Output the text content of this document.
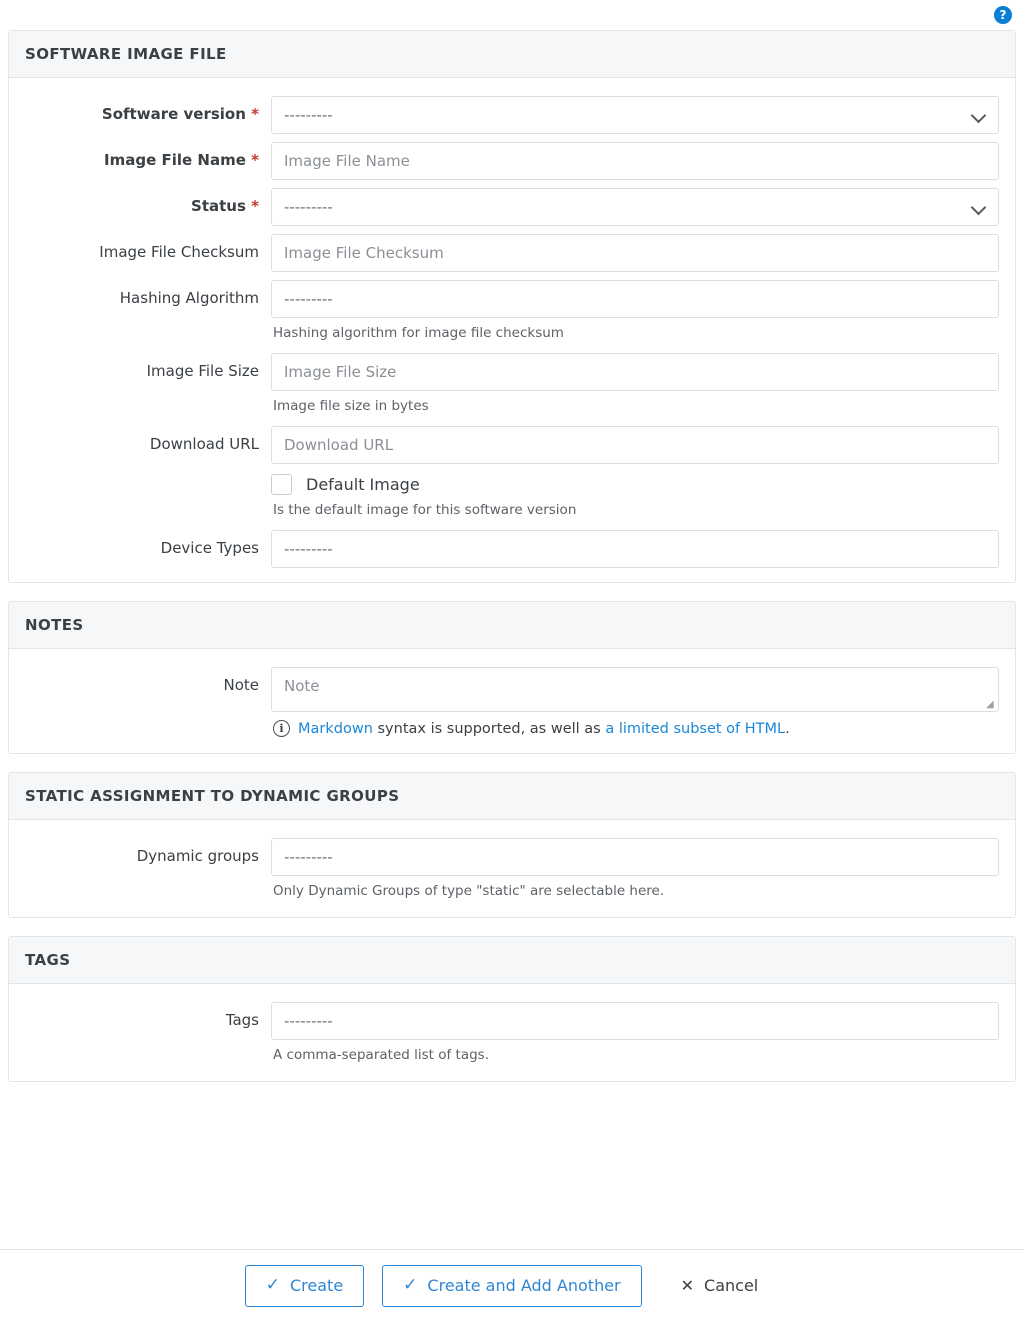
?
SOFTWARE IMAGE FILE
Software version *	---------
Image File Name *	Image File Name
Status *	---------
Image File Checksum	Image File Checksum
Hashing Algorithm	---------
Hashing algorithm for image file checksum
Image File Size	Image File Size
Image file size in bytes
Download URL	Download URL
Default Image
Is the default image for this software version
Device Types	---------
NOTES
Note	Note
◢
i Markdown syntax is supported, as well as a limited subset of HTML.
STATIC ASSIGNMENT TO DYNAMIC GROUPS
Dynamic groups	---------
Only Dynamic Groups of type "static" are selectable here.
TAGS
Tags	---------
A comma-separated list of tags.
✓ Create	✓ Create and Add Another	✕ Cancel
